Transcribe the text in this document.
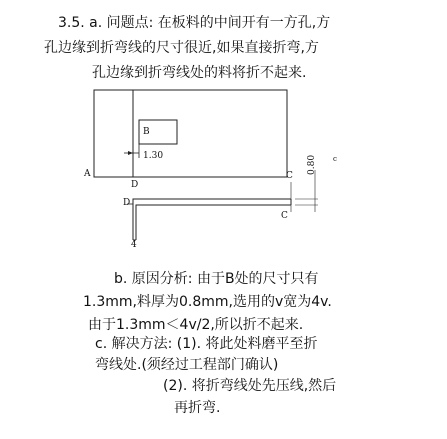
3.5. a. 问题点: 在板料的中间开有一方孔,方
孔边缘到折弯线的尺寸很近,如果直接折弯,方
孔边缘到折弯线处的料将折不起来.
A
B
C
D
D
C
4
1.30	0.80 c
b. 原因分析: 由于B处的尺寸只有
1.3mm,料厚为0.8mm,选用的v宽为4v.
由于1.3mm＜4v/2,所以折不起来.
c. 解决方法: (1). 将此处料磨平至折
弯线处.(须经过工程部门确认)
(2). 将折弯线处先压线,然后
再折弯.
